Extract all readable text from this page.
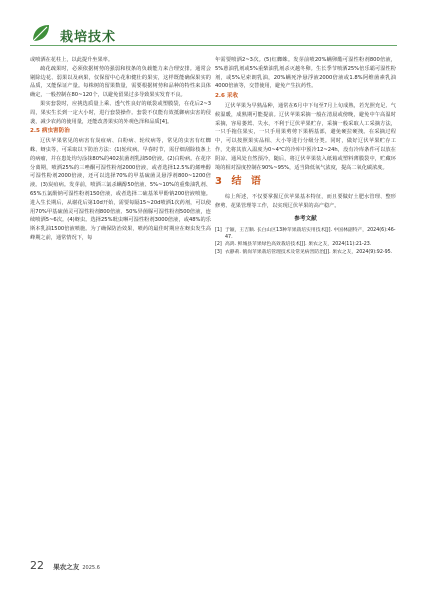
栽培技术

或喷洒在花柱上，以此提升坐果率。

疏花疏果时，必须依据树势的强弱和枝条的负载能力来合理安排。通常会剔除边花、弱果以及病果，仅保留中心花和健壮的果实，这样既能确保果实的品质，又能保证产量。每株树的留果数量，需要根据树势和品种的特性来具体确定，一般控制在80~120个，以避免留果过多导致果实发育不良。

果实套袋时，应挑选质量上乘、透气性良好的纸袋或塑膜袋，在花后2~3周，果实生长到一定大小时，进行套袋操作。套袋不仅能有效抵御病虫害的侵袭，减少农药的使用量，还能改善果实的外观色泽和品质[4]。

2.5 病虫害防治

辽伏苹果常见的病害有炭疽病、白粉病、轮纹病等，常见的虫害有红蜘蛛、蚜虫等，可采取以下防治方法：(1)轮纹病。早春时节，需仔细刮除枝条上的病瘤，并在患处均匀涂抹80%的402抗菌剂乳油50倍液。(2)白粉病。在花序分离期，喷洒25%的三唑酮可湿性粉剂2000倍液，或者选择12.5%的烯唑醇可湿性粉剂2000倍液，还可以选择70%的甲基硫菌灵悬浮剂800~1200倍液。(3)炭疽病。发芽前，喷洒三氯杀螨醇50倍液、5%~10%的重柴油乳剂、65%五氯酚钠可湿性粉剂150倍液，或者选择二硫基苯甲酚钠200倍液喷施。进入生长期后，从谢花后第10d开始，需要每隔15~20d喷洒1次药剂，可以使用70%甲基硫菌灵可湿性粉剂800倍液、50%异菌脲可湿性粉剂500倍液，连续喷洒5~6次。(4)蚜虫。选择25%吡虫啉可湿性粉剂3000倍液，或48%的乐斯本乳油1500倍液喷施。为了确保防治效果，喷药的最佳时期应在蚜虫发生高峰期之前，通常情况下，每

年需要喷洒2~3次。(5)红蜘蛛。发芽前喷20%螨卵酯可湿性粉剂800倍液，5%蒽油乳剂或5%重柴油乳剂杀灭越冬卵。生长季节喷洒25%倍乐霸可湿性粉剂，或5%尼索朗乳油，20%螨死净悬浮液2000倍液或1.8%阿维菌素乳油4000倍液等，交替使用，避免产生抗药性。

2.6 采收

辽伏苹果为早熟品种，通常在6月中下旬至7月上旬成熟，若光照充足、气候温暖，成熟期可能提前。辽伏苹果采摘一般在清晨或傍晚，避免中午高温时采摘，容易萎蔫、失水，不利于辽伏苹果贮存，采摘一般采取人工采摘方法，一只手拖住果实，一只手用果剪剪下果柄基部，避免硬拉硬拽。在采摘过程中，可以按照果实品相、大小等进行分级分类。同时，做好辽伏苹果贮存工作，先将其放入温度为0~4℃的冷库中预冷12~24h，没有冷库条件可以放在阴凉、通风处自然预冷，随后，将辽伏苹果装入纸箱或塑料薄膜袋中，贮藏环境的相对湿度控制在90%~95%，适当降低氧气浓度，提高二氧化碳浓度。

3 结 语

综上所述，不仅要掌握辽伏苹果基本特征，而且要做好土肥水管理、整形修剪、花果管理等工作，以实现辽伏苹果的高产稳产。

参考文献
[1] 于颖，王吉顺. 长白山区13种苹果栽培实用技术[J]. 中国林副特产，2024(6):46-47.
[2] 高鸿. 鲜城县苹果绿色高效栽培技术[J]. 果农之友，2024(11):21-23.
[3] 衣静莉. 鹤岗苹果栽培管理技术及常见病害防治[J]. 果农之友，2024(9):92-95.
22 果农之友 2025.6
